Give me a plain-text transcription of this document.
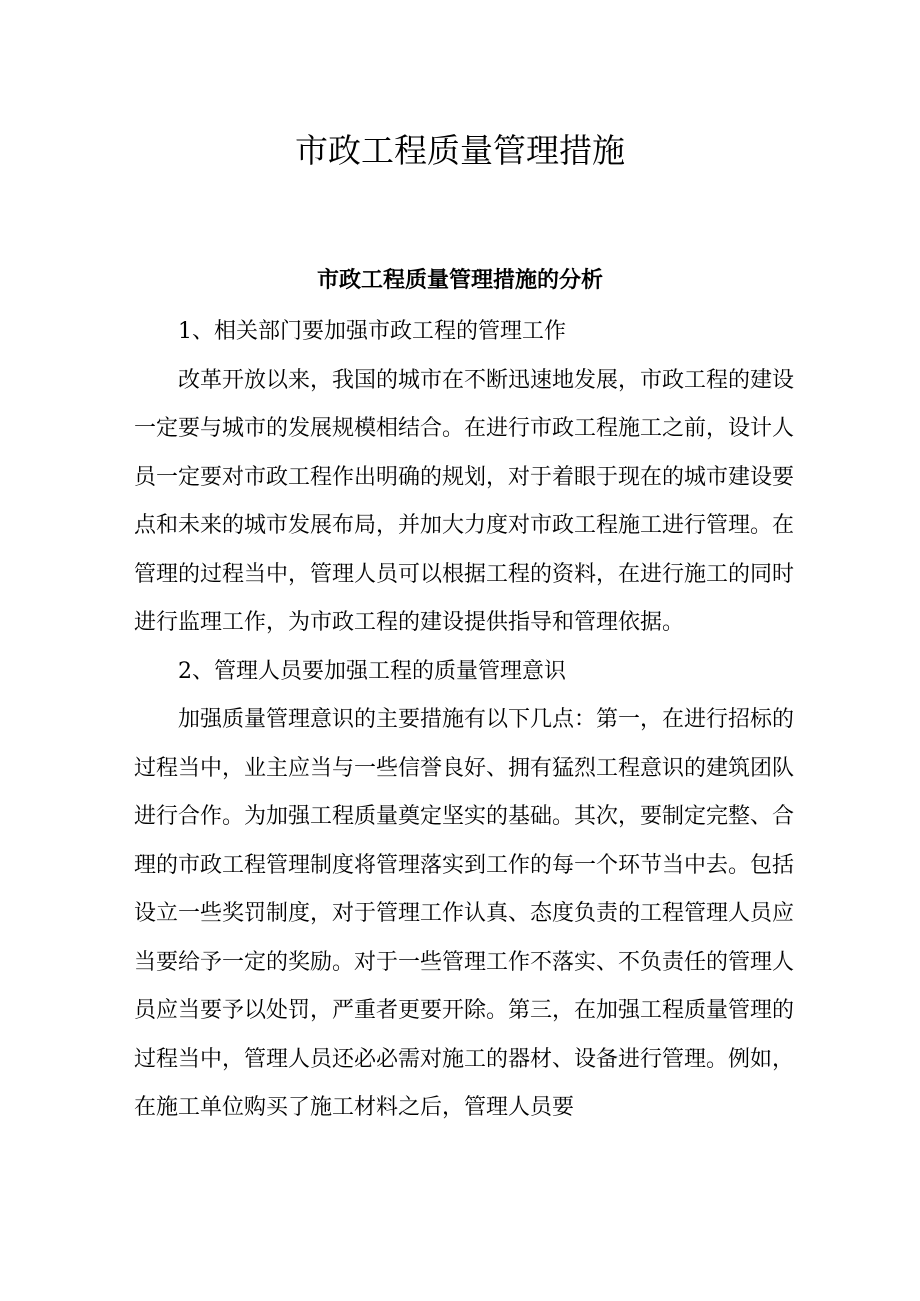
市政工程质量管理措施
市政工程质量管理措施的分析

1、相关部门要加强市政工程的管理工作

改革开放以来，我国的城市在不断迅速地发展，市政工程的建设一定要与城市的发展规模相结合。在进行市政工程施工之前，设计人员一定要对市政工程作出明确的规划，对于着眼于现在的城市建设要点和未来的城市发展布局，并加大力度对市政工程施工进行管理。在管理的过程当中，管理人员可以根据工程的资料，在进行施工的同时进行监理工作，为市政工程的建设提供指导和管理依据。

2、管理人员要加强工程的质量管理意识

加强质量管理意识的主要措施有以下几点：第一，在进行招标的过程当中，业主应当与一些信誉良好、拥有猛烈工程意识的建筑团队进行合作。为加强工程质量奠定坚实的基础。其次，要制定完整、合理的市政工程管理制度将管理落实到工作的每一个环节当中去。包括设立一些奖罚制度，对于管理工作认真、态度负责的工程管理人员应当要给予一定的奖励。对于一些管理工作不落实、不负责任的管理人员应当要予以处罚，严重者更要开除。第三，在加强工程质量管理的过程当中，管理人员还必必需对施工的器材、设备进行管理。例如，在施工单位购买了施工材料之后，管理人员要
